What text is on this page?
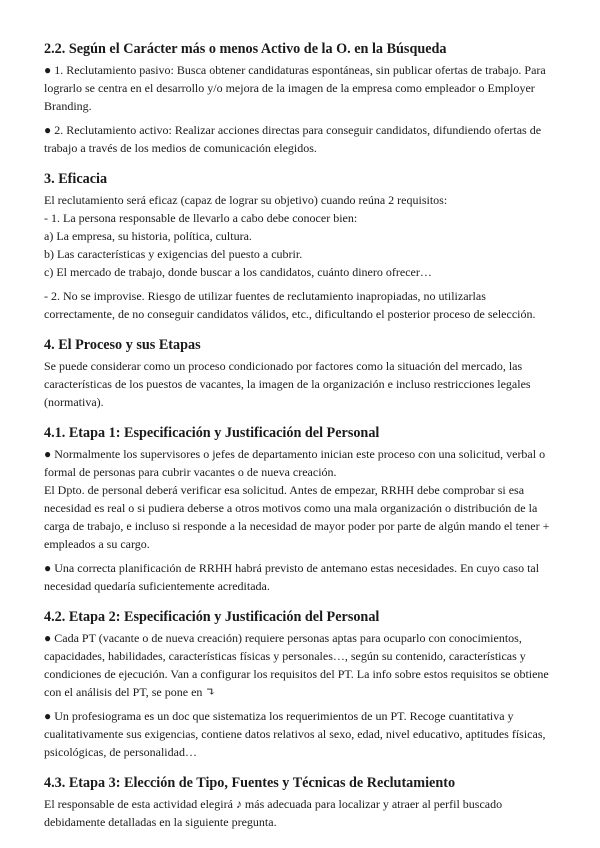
2.2. Según el Carácter más o menos Activo de la O. en la Búsqueda

● 1. Reclutamiento pasivo: Busca obtener candidaturas espontáneas, sin publicar ofertas de trabajo. Para lograrlo se centra en el desarrollo y/o mejora de la imagen de la empresa como empleador o Employer Branding.

● 2. Reclutamiento activo: Realizar acciones directas para conseguir candidatos, difundiendo ofertas de trabajo a través de los medios de comunicación elegidos.

3. Eficacia

El reclutamiento será eficaz (capaz de lograr su objetivo) cuando reúna 2 requisitos:

- 1. La persona responsable de llevarlo a cabo debe conocer bien:

a) La empresa, su historia, política, cultura.

b) Las características y exigencias del puesto a cubrir.

c) El mercado de trabajo, donde buscar a los candidatos, cuánto dinero ofrecer…

- 2. No se improvise. Riesgo de utilizar fuentes de reclutamiento inapropiadas, no utilizarlas correctamente, de no conseguir candidatos válidos, etc., dificultando el posterior proceso de selección.

4. El Proceso y sus Etapas

Se puede considerar como un proceso condicionado por factores como la situación del mercado, las características de los puestos de vacantes, la imagen de la organización e incluso restricciones legales (normativa).

4.1. Etapa 1: Especificación y Justificación del Personal

● Normalmente los supervisores o jefes de departamento inician este proceso con una solicitud, verbal o formal de personas para cubrir vacantes o de nueva creación.

El Dpto. de personal deberá verificar esa solicitud. Antes de empezar, RRHH debe comprobar si esa necesidad es real o si pudiera deberse a otros motivos como una mala organización o distribución de la carga de trabajo, e incluso si responde a la necesidad de mayor poder por parte de algún mando el tener + empleados a su cargo.

● Una correcta planificación de RRHH habrá previsto de antemano estas necesidades. En cuyo caso tal necesidad quedaría suficientemente acreditada.

4.2. Etapa 2: Especificación y Justificación del Personal

● Cada PT (vacante o de nueva creación) requiere personas aptas para ocuparlo con conocimientos, capacidades, habilidades, características físicas y personales…, según su contenido, características y condiciones de ejecución. Van a configurar los requisitos del PT. La info sobre estos requisitos se obtiene con el análisis del PT, se pone en ↴

● Un profesiograma es un doc que sistematiza los requerimientos de un PT. Recoge cuantitativa y cualitativamente sus exigencias, contiene datos relativos al sexo, edad, nivel educativo, aptitudes físicas, psicológicas, de personalidad…

4.3. Etapa 3: Elección de Tipo, Fuentes y Técnicas de Reclutamiento

El responsable de esta actividad elegirá ♪ más adecuada para localizar y atraer al perfil buscado debidamente detalladas en la siguiente pregunta.
